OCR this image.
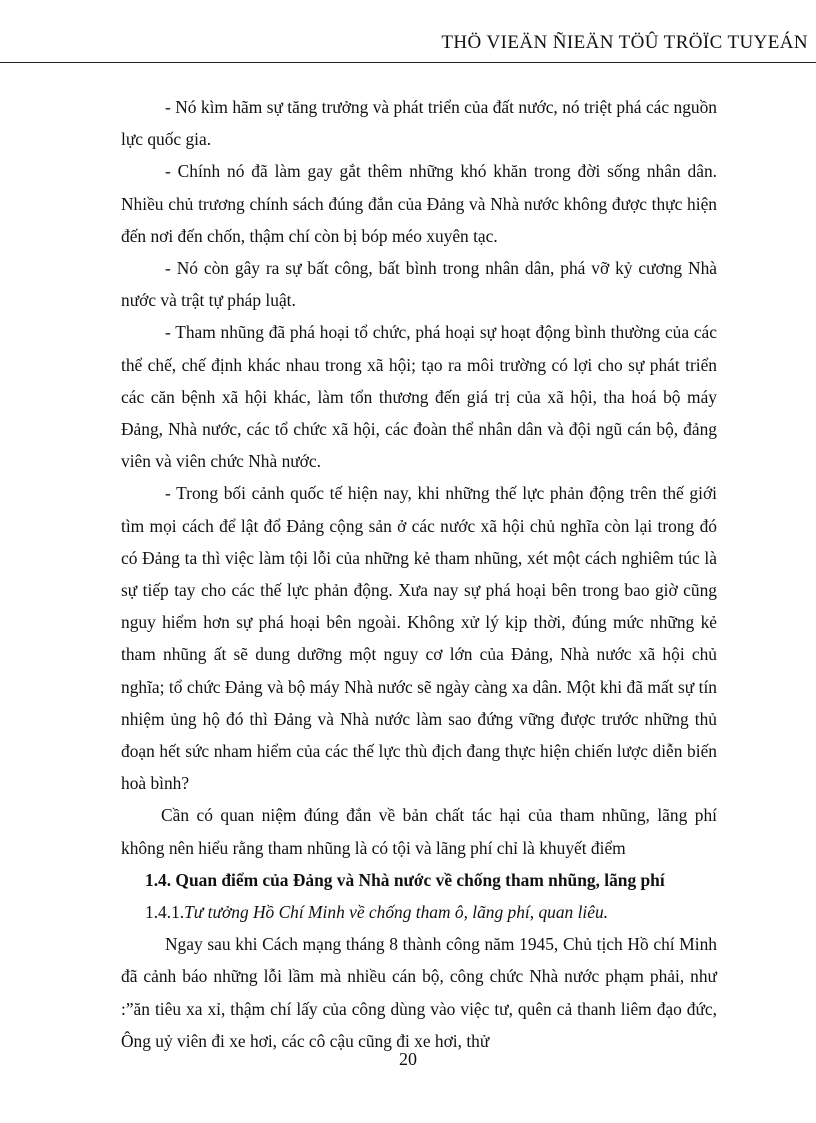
THÖ VIEÄN ÑIEÄN TÖÛ TRÖÏC TUYEÁN

- Nó kìm hãm sự tăng trưởng và phát triển của đất nước, nó triệt phá các nguồn lực quốc gia.

- Chính nó đã làm gay gắt thêm những khó khăn trong đời sống nhân dân. Nhiều chủ trương chính sách đúng đắn của Đảng và Nhà nước không được thực hiện đến nơi đến chốn, thậm chí còn bị bóp méo xuyên tạc.

- Nó còn gây ra sự bất công, bất bình trong nhân dân, phá vỡ kỷ cương Nhà nước và trật tự pháp luật.

- Tham nhũng đã phá hoại tổ chức, phá hoại sự hoạt động bình thường của các thể chế, chế định khác nhau trong xã hội; tạo ra môi trường có lợi cho sự phát triển các căn bệnh xã hội khác, làm tổn thương đến giá trị của xã hội, tha hoá bộ máy Đảng, Nhà nước, các tổ chức xã hội, các đoàn thể nhân dân và đội ngũ cán bộ, đảng viên và viên chức Nhà nước.

- Trong bối cảnh quốc tế hiện nay, khi những thế lực phản động trên thế giới tìm mọi cách để lật đổ Đảng cộng sản ở các nước xã hội chủ nghĩa còn lại trong đó có Đảng ta thì việc làm tội lỗi của những kẻ tham nhũng, xét một cách nghiêm túc là sự tiếp tay cho các thế lực phản động. Xưa nay sự phá hoại bên trong bao giờ cũng nguy hiểm hơn sự phá hoại bên ngoài. Không xử lý kịp thời, đúng mức những kẻ tham nhũng ất sẽ dung dưỡng một nguy cơ lớn của Đảng, Nhà nước xã hội chủ nghĩa; tổ chức Đảng và bộ máy Nhà nước sẽ ngày càng xa dân. Một khi đã mất sự tín nhiệm ủng hộ đó thì Đảng và Nhà nước làm sao đứng vững được trước những thủ đoạn hết sức nham hiểm của các thế lực thù địch đang thực hiện chiến lược diễn biến hoà bình?

Cần có quan niệm đúng đắn về bản chất tác hại của tham nhũng, lãng phí không nên hiểu rằng tham nhũng là có tội và lãng phí chỉ là khuyết điểm

1.4. Quan điểm của Đảng và Nhà nước về chống tham nhũng, lãng phí

1.4.1.Tư tưởng Hồ Chí Minh về chống tham ô, lãng phí, quan liêu.

Ngay sau khi Cách mạng tháng 8 thành công năm 1945, Chủ tịch Hồ chí Minh đã cảnh báo những lỗi lầm mà nhiều cán bộ, công chức Nhà nước phạm phải, như :”ăn tiêu xa xỉ, thậm chí lấy của công dùng vào việc tư, quên cả thanh liêm đạo đức, Ông uỷ viên đi xe hơi, các cô cậu cũng đi xe hơi, thử

20
